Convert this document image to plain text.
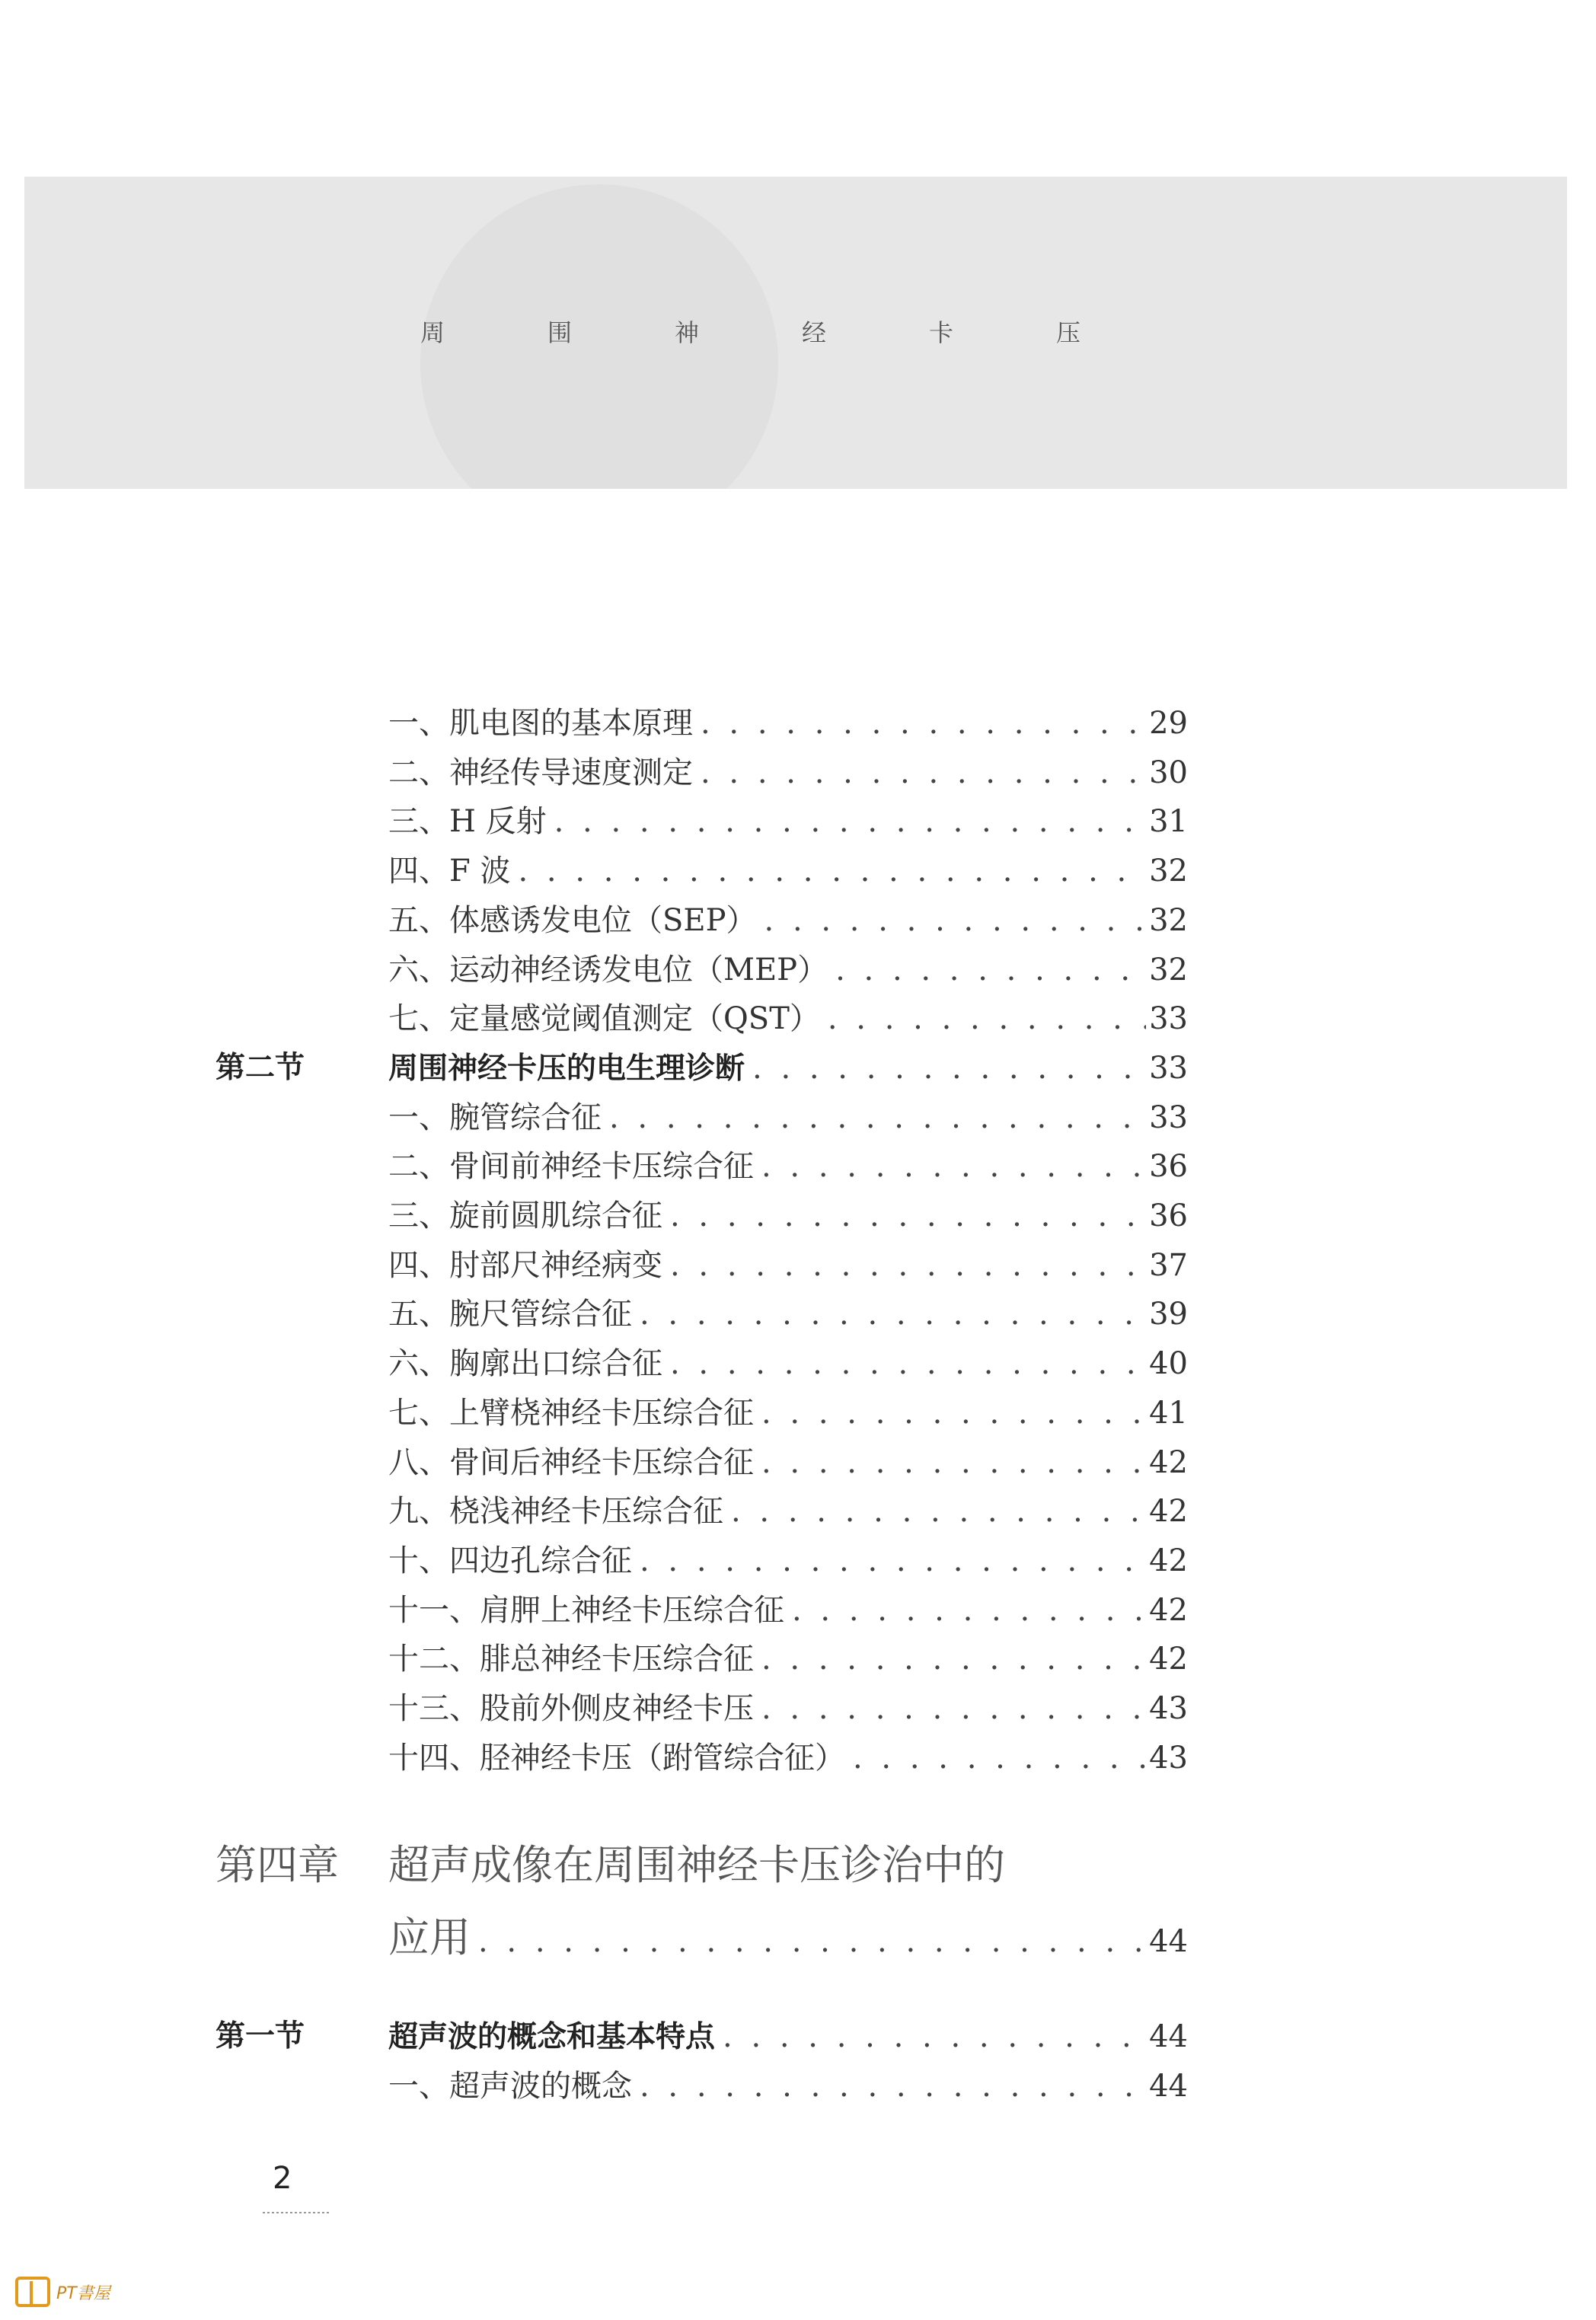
周	围	神	经	卡	压
一、肌电图的基本原理 . . .	29
二、神经传导速度测定 . . .	30
三、H 反射 . . .	31
四、F 波 . . .	32
五、体感诱发电位（SEP） . . .	32
六、运动神经诱发电位（MEP） . . .	32
七、定量感觉阈值测定（QST） . . .	33
第二节	周围神经卡压的电生理诊断 . . .	33
一、腕管综合征 . . .	33
二、骨间前神经卡压综合征 . . .	36
三、旋前圆肌综合征 . . .	36
四、肘部尺神经病变 . . .	37
五、腕尺管综合征 . . .	39
六、胸廓出口综合征 . . .	40
七、上臂桡神经卡压综合征 . . .	41
八、骨间后神经卡压综合征 . . .	42
九、桡浅神经卡压综合征 . . .	42
十、四边孔综合征 . . .	42
十一、肩胛上神经卡压综合征 . . .	42
十二、腓总神经卡压综合征 . . .	42
十三、股前外侧皮神经卡压 . . .	43
十四、胫神经卡压（跗管综合征） . . .	43
第四章 超声成像在周围神经卡压诊治中的
应用 . . .	44
第一节	超声波的概念和基本特点 . . .	44
一、超声波的概念 . . .	44
2
PT書屋
